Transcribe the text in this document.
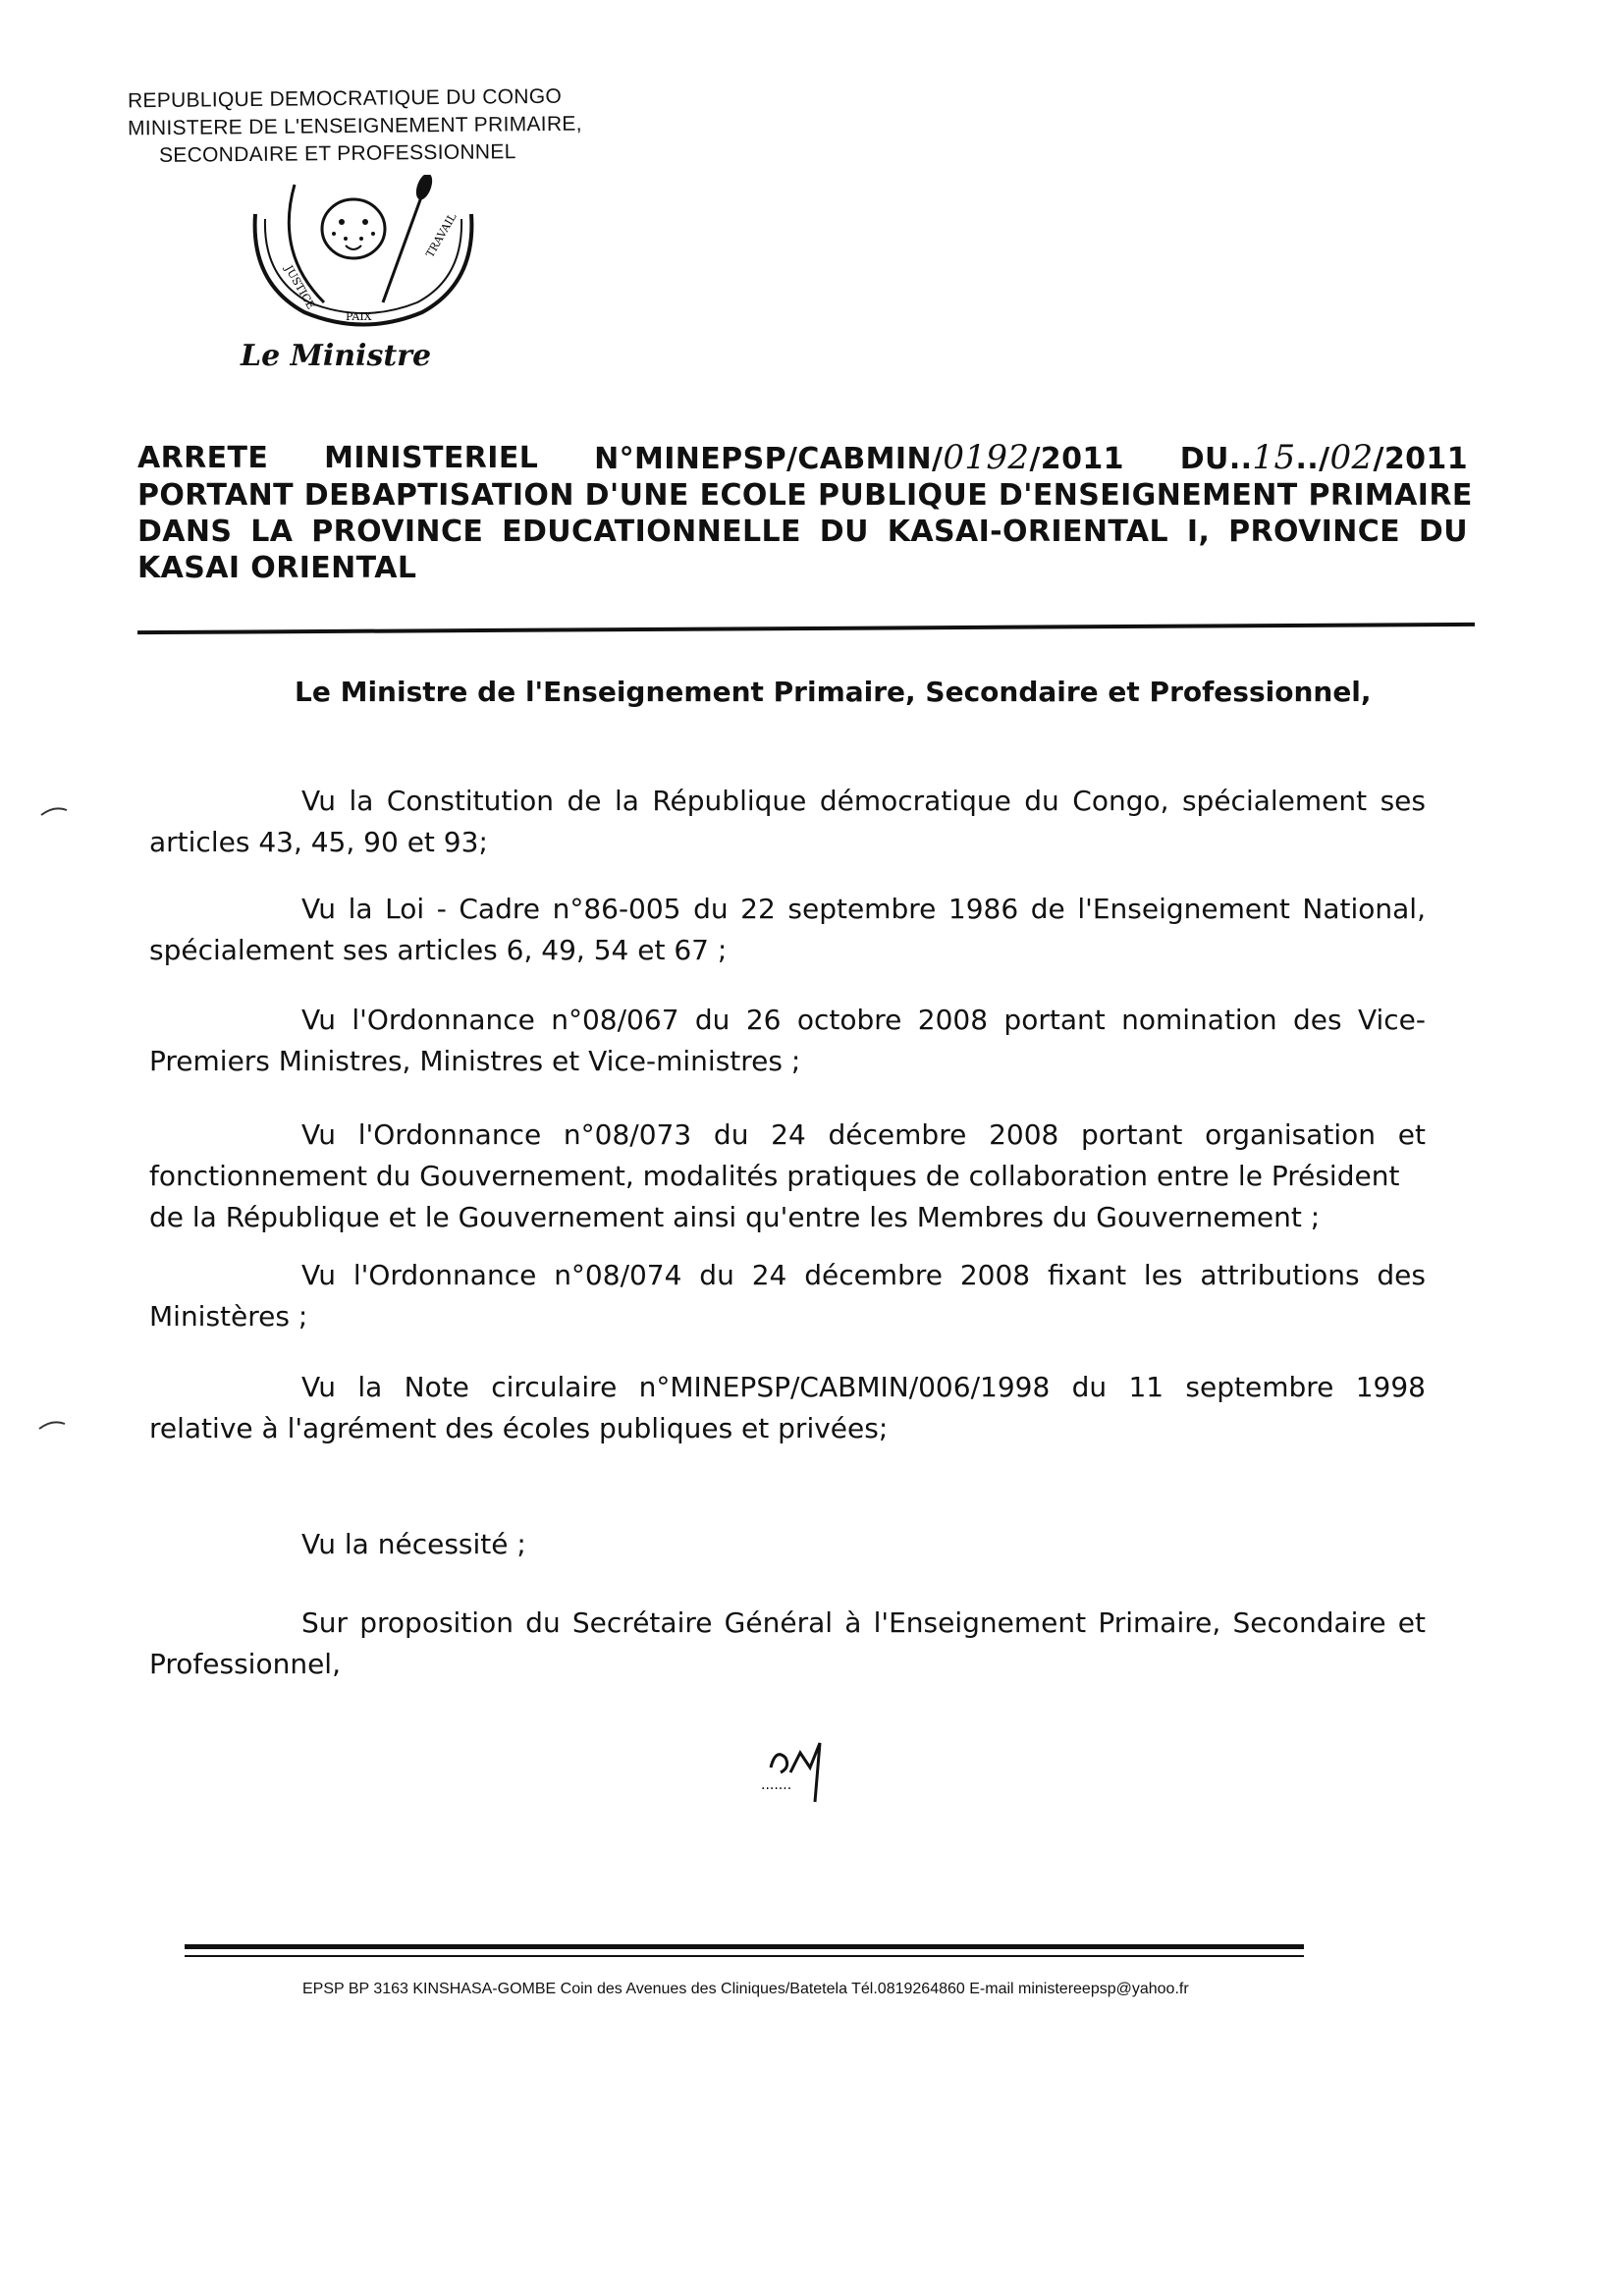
REPUBLIQUE DEMOCRATIQUE DU CONGO
MINISTERE DE L'ENSEIGNEMENT PRIMAIRE,
SECONDAIRE ET PROFESSIONNEL
JUSTICE
PAIX
TRAVAIL
Le Ministre
ARRETE MINISTERIEL N°MINEPSP/CABMIN/0192/2011 DU..15../02/2011
PORTANT DEBAPTISATION D'UNE ECOLE PUBLIQUE D'ENSEIGNEMENT PRIMAIRE
DANS LA PROVINCE EDUCATIONNELLE DU KASAI-ORIENTAL I, PROVINCE DU
KASAI ORIENTAL
Le Ministre de l'Enseignement Primaire, Secondaire et Professionnel,
Vu la Constitution de la République démocratique du Congo, spécialement ses
articles 43, 45, 90 et 93;
Vu la Loi - Cadre n°86-005 du 22 septembre 1986 de l'Enseignement National,
spécialement ses articles 6, 49, 54 et 67 ;
Vu l'Ordonnance n°08/067 du 26 octobre 2008 portant nomination des Vice-
Premiers Ministres, Ministres et Vice-ministres ;
Vu l'Ordonnance n°08/073 du 24 décembre 2008 portant organisation et
fonctionnement du Gouvernement, modalités pratiques de collaboration entre le Président
de la République et le Gouvernement ainsi qu'entre les Membres du Gouvernement ;
Vu l'Ordonnance n°08/074 du 24 décembre 2008 fixant les attributions des
Ministères ;
Vu la Note circulaire n°MINEPSP/CABMIN/006/1998 du 11 septembre 1998
relative à l'agrément des écoles publiques et privées;
Vu la nécessité ;
Sur proposition du Secrétaire Général à l'Enseignement Primaire, Secondaire et
Professionnel,
.......
EPSP BP 3163 KINSHASA-GOMBE Coin des Avenues des Cliniques/Batetela Tél.0819264860 E-mail ministereepsp@yahoo.fr
